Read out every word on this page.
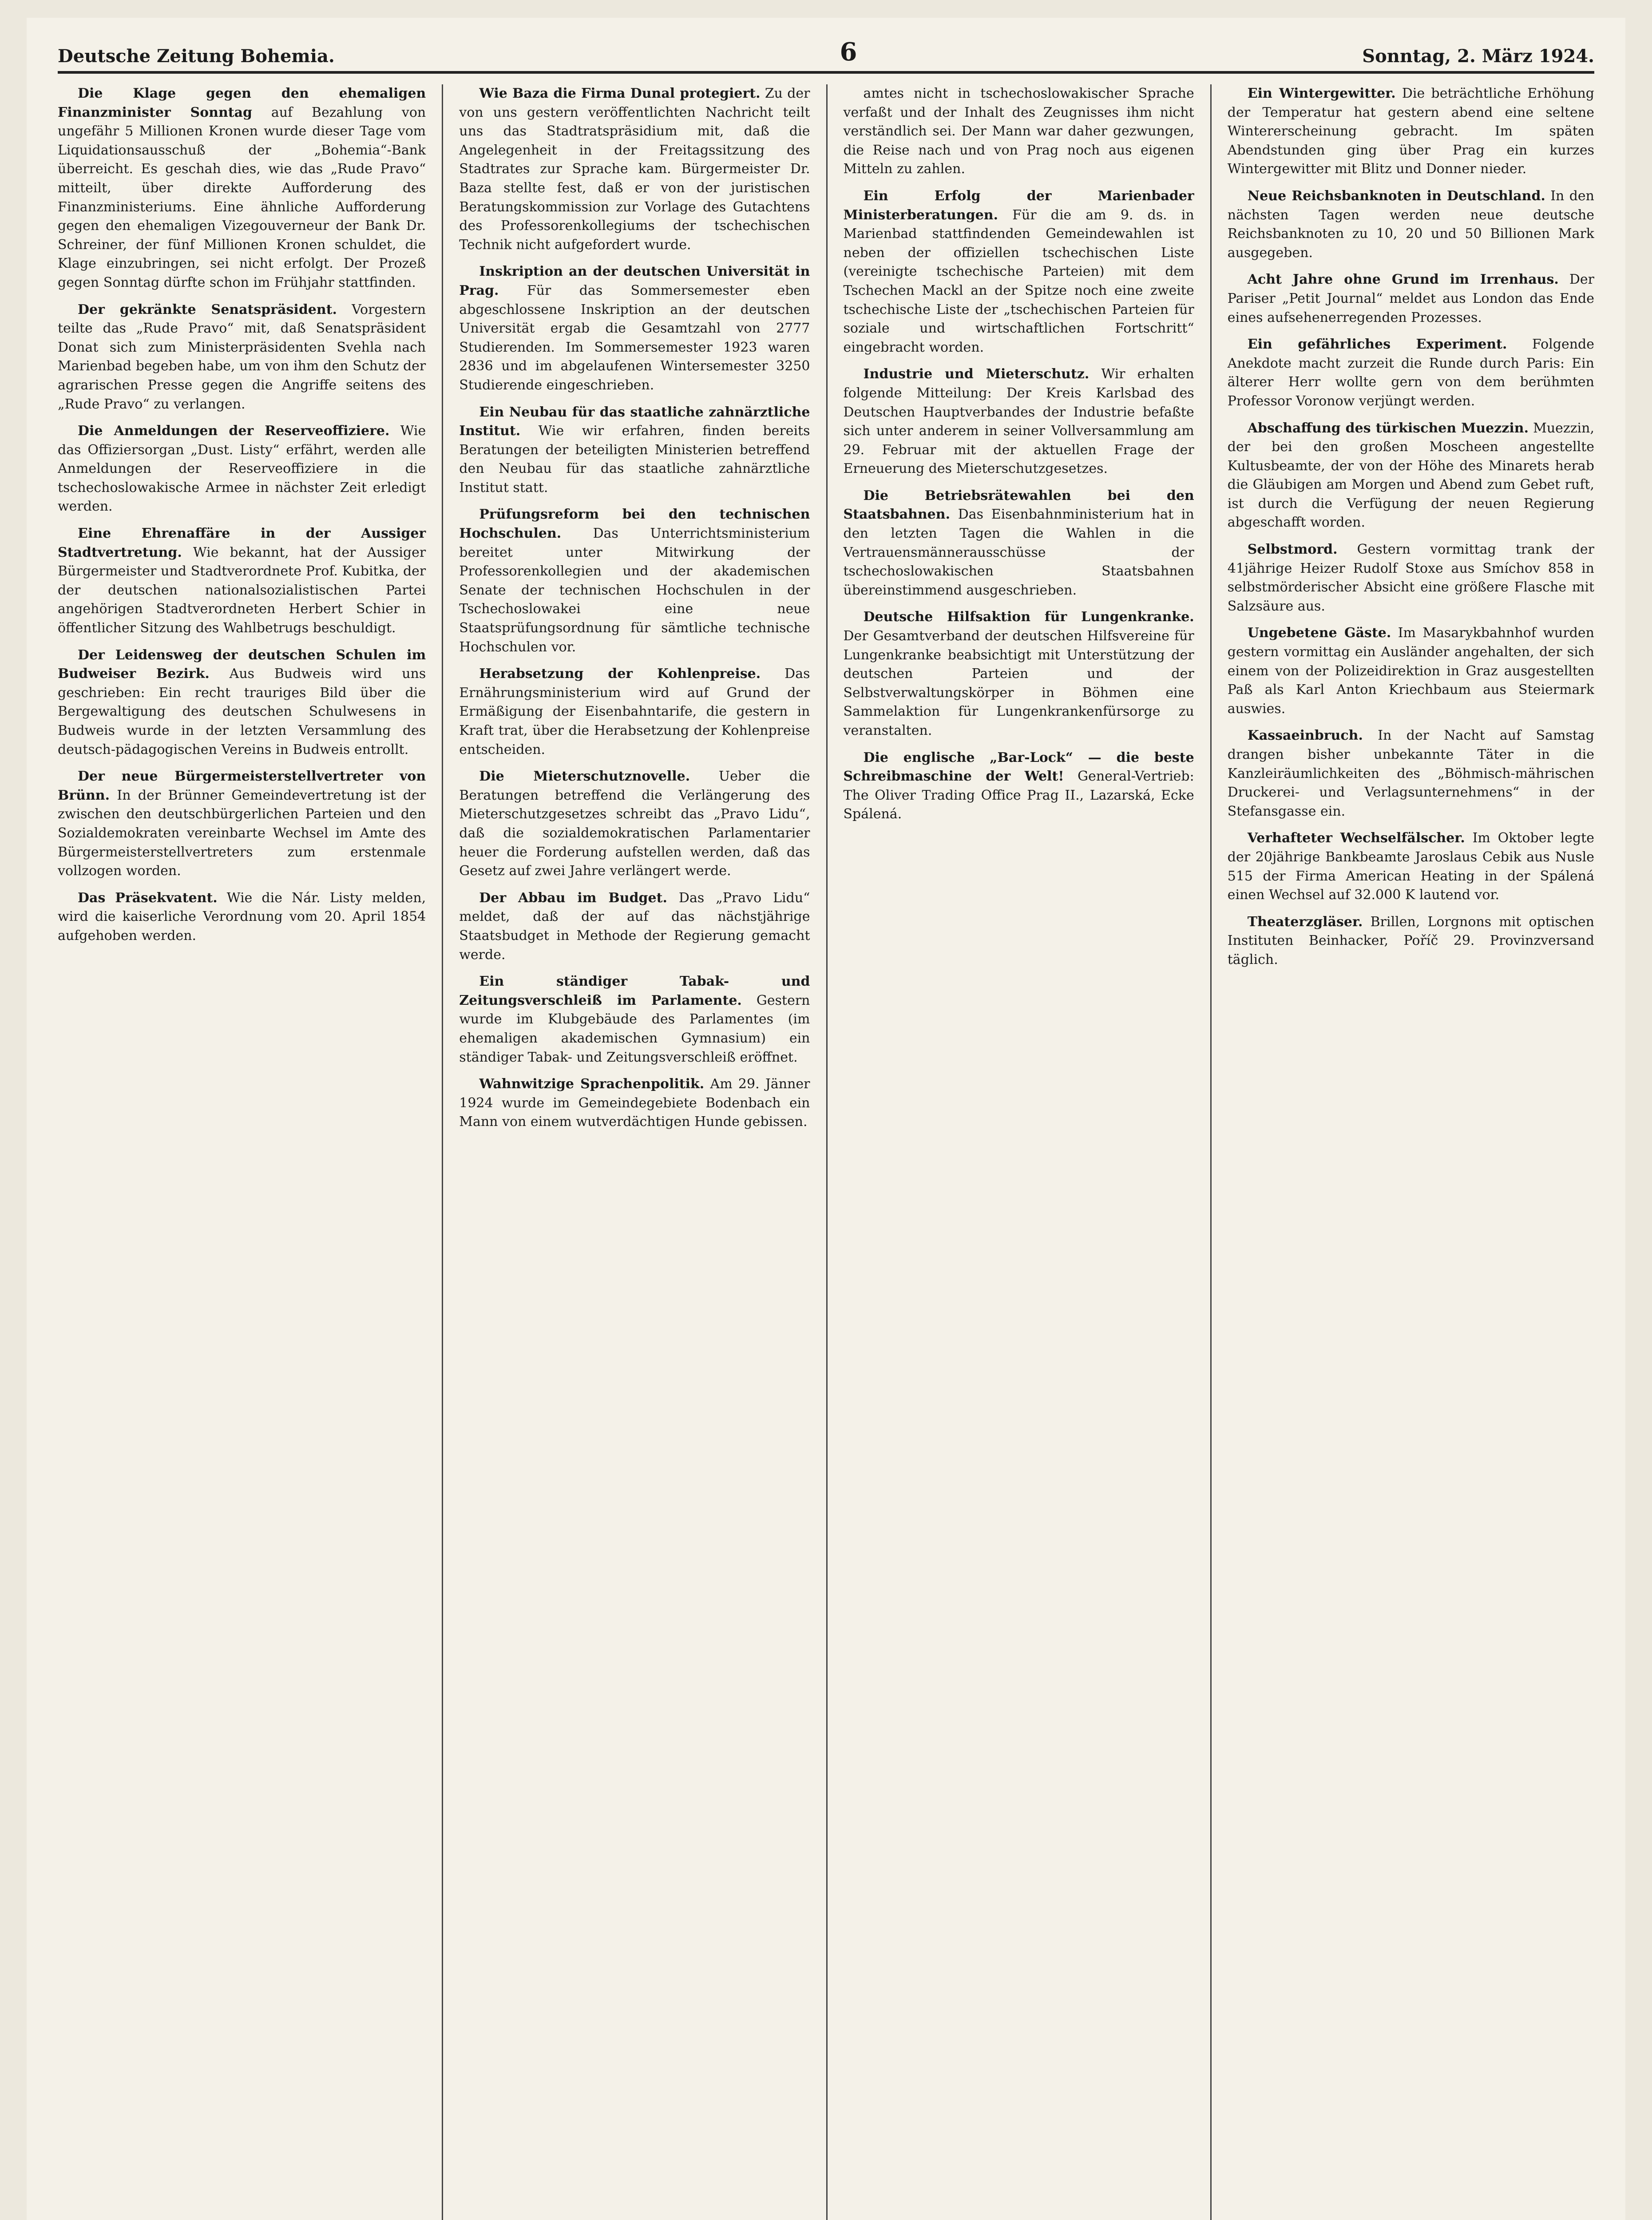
Deutsche Zeitung Bohemia.	6	Sonntag, 2. März 1924.

Die Klage gegen den ehemaligen Finanzminister Sonntag auf Bezahlung von ungefähr 5 Millionen Kronen wurde dieser Tage vom Liquidationsausschuß der „Bohemia“-Bank überreicht. Es geschah dies, wie das „Rude Pravo“ mitteilt, über direkte Aufforderung des Finanzministeriums. Eine ähnliche Aufforderung gegen den ehemaligen Vizegouverneur der Bank Dr. Schreiner, der fünf Millionen Kronen schuldet, die Klage einzubringen, sei nicht erfolgt. Der Prozeß gegen Sonntag dürfte schon im Frühjahr stattfinden.

Der gekränkte Senatspräsident. Vorgestern teilte das „Rude Pravo“ mit, daß Senatspräsident Donat sich zum Ministerpräsidenten Svehla nach Marienbad begeben habe, um von ihm den Schutz der agrarischen Presse gegen die Angriffe seitens des „Rude Pravo“ zu verlangen.

Die Anmeldungen der Reserveoffiziere. Wie das Offiziersorgan „Dust. Listy“ erfährt, werden alle Anmeldungen der Reserveoffiziere in die tschechoslowakische Armee in nächster Zeit erledigt werden.

Eine Ehrenaffäre in der Aussiger Stadtvertretung. Wie bekannt, hat der Aussiger Bürgermeister und Stadtverordnete Prof. Kubitka, der der deutschen nationalsozialistischen Partei angehörigen Stadtverordneten Herbert Schier in öffentlicher Sitzung des Wahlbetrugs beschuldigt.

Der Leidensweg der deutschen Schulen im Budweiser Bezirk. Aus Budweis wird uns geschrieben: Ein recht trauriges Bild über die Bergewaltigung des deutschen Schulwesens in Budweis wurde in der letzten Versammlung des deutsch-pädagogischen Vereins in Budweis entrollt.

Der neue Bürgermeisterstellvertreter von Brünn. In der Brünner Gemeindevertretung ist der zwischen den deutschbürgerlichen Parteien und den Sozialdemokraten vereinbarte Wechsel im Amte des Bürgermeisterstellvertreters zum erstenmale vollzogen worden.

Das Präsekvatent. Wie die Nár. Listy melden, wird die kaiserliche Verordnung vom 20. April 1854 aufgehoben werden.

Wie Baza die Firma Dunal protegiert. Zu der von uns gestern veröffentlichten Nachricht teilt uns das Stadtratspräsidium mit, daß die Angelegenheit in der Freitagssitzung des Stadtrates zur Sprache kam. Bürgermeister Dr. Baza stellte fest, daß er von der juristischen Beratungskommission zur Vorlage des Gutachtens des Professorenkollegiums der tschechischen Technik nicht aufgefordert wurde.

Inskription an der deutschen Universität in Prag. Für das Sommersemester eben abgeschlossene Inskription an der deutschen Universität ergab die Gesamtzahl von 2777 Studierenden. Im Sommersemester 1923 waren 2836 und im abgelaufenen Wintersemester 3250 Studierende eingeschrieben.

Ein Neubau für das staatliche zahnärztliche Institut. Wie wir erfahren, finden bereits Beratungen der beteiligten Ministerien betreffend den Neubau für das staatliche zahnärztliche Institut statt.

Prüfungsreform bei den technischen Hochschulen. Das Unterrichtsministerium bereitet unter Mitwirkung der Professorenkollegien und der akademischen Senate der technischen Hochschulen in der Tschechoslowakei eine neue Staatsprüfungsordnung für sämtliche technische Hochschulen vor.

Herabsetzung der Kohlenpreise. Das Ernährungsministerium wird auf Grund der Ermäßigung der Eisenbahntarife, die gestern in Kraft trat, über die Herabsetzung der Kohlenpreise entscheiden.

Die Mieterschutznovelle. Ueber die Beratungen betreffend die Verlängerung des Mieterschutzgesetzes schreibt das „Pravo Lidu“, daß die sozialdemokratischen Parlamentarier heuer die Forderung aufstellen werden, daß das Gesetz auf zwei Jahre verlängert werde.

Der Abbau im Budget. Das „Pravo Lidu“ meldet, daß der auf das nächstjährige Staatsbudget in Methode der Regierung gemacht werde.

Ein ständiger Tabak- und Zeitungsverschleiß im Parlamente. Gestern wurde im Klubgebäude des Parlamentes (im ehemaligen akademischen Gymnasium) ein ständiger Tabak- und Zeitungsverschleiß eröffnet.

Wahnwitzige Sprachenpolitik. Am 29. Jänner 1924 wurde im Gemeindegebiete Bodenbach ein Mann von einem wutverdächtigen Hunde gebissen.

amtes nicht in tschechoslowakischer Sprache verfaßt und der Inhalt des Zeugnisses ihm nicht verständlich sei. Der Mann war daher gezwungen, die Reise nach und von Prag noch aus eigenen Mitteln zu zahlen.

Ein Erfolg der Marienbader Ministerberatungen. Für die am 9. ds. in Marienbad stattfindenden Gemeindewahlen ist neben der offiziellen tschechischen Liste (vereinigte tschechische Parteien) mit dem Tschechen Mackl an der Spitze noch eine zweite tschechische Liste der „tschechischen Parteien für soziale und wirtschaftlichen Fortschritt“ eingebracht worden.

Industrie und Mieterschutz. Wir erhalten folgende Mitteilung: Der Kreis Karlsbad des Deutschen Hauptverbandes der Industrie befaßte sich unter anderem in seiner Vollversammlung am 29. Februar mit der aktuellen Frage der Erneuerung des Mieterschutzgesetzes.

Die Betriebsrätewahlen bei den Staatsbahnen. Das Eisenbahnministerium hat in den letzten Tagen die Wahlen in die Vertrauensmännerausschüsse der tschechoslowakischen Staatsbahnen übereinstimmend ausgeschrieben.

Deutsche Hilfsaktion für Lungenkranke. Der Gesamtverband der deutschen Hilfsvereine für Lungenkranke beabsichtigt mit Unterstützung der deutschen Parteien und der Selbstverwaltungskörper in Böhmen eine Sammelaktion für Lungenkrankenfürsorge zu veranstalten.

Die englische „Bar-Lock“ — die beste Schreibmaschine der Welt! General-Vertrieb: The Oliver Trading Office Prag II., Lazarská, Ecke Spálená.

Ein Wintergewitter. Die beträchtliche Erhöhung der Temperatur hat gestern abend eine seltene Wintererscheinung gebracht. Im späten Abendstunden ging über Prag ein kurzes Wintergewitter mit Blitz und Donner nieder.

Neue Reichsbanknoten in Deutschland. In den nächsten Tagen werden neue deutsche Reichsbanknoten zu 10, 20 und 50 Billionen Mark ausgegeben.

Acht Jahre ohne Grund im Irrenhaus. Der Pariser „Petit Journal“ meldet aus London das Ende eines aufsehenerregenden Prozesses.

Ein gefährliches Experiment. Folgende Anekdote macht zurzeit die Runde durch Paris: Ein älterer Herr wollte gern von dem berühmten Professor Voronow verjüngt werden.

Abschaffung des türkischen Muezzin. Muezzin, der bei den großen Moscheen angestellte Kultusbeamte, der von der Höhe des Minarets herab die Gläubigen am Morgen und Abend zum Gebet ruft, ist durch die Verfügung der neuen Regierung abgeschafft worden.

Selbstmord. Gestern vormittag trank der 41jährige Heizer Rudolf Stoxe aus Smíchov 858 in selbstmörderischer Absicht eine größere Flasche mit Salzsäure aus.

Ungebetene Gäste. Im Masarykbahnhof wurden gestern vormittag ein Ausländer angehalten, der sich einem von der Polizeidirektion in Graz ausgestellten Paß als Karl Anton Kriechbaum aus Steiermark auswies.

Kassaeinbruch. In der Nacht auf Samstag drangen bisher unbekannte Täter in die Kanzleiräumlichkeiten des „Böhmisch-mährischen Druckerei- und Verlagsunternehmens“ in der Stefansgasse ein.

Verhafteter Wechselfälscher. Im Oktober legte der 20jährige Bankbeamte Jaroslaus Cebik aus Nusle 515 der Firma American Heating in der Spálená einen Wechsel auf 32.000 K lautend vor.

Theaterzgläser. Brillen, Lorgnons mit optischen Instituten Beinhacker, Poříč 29. Provinzversand täglich.
